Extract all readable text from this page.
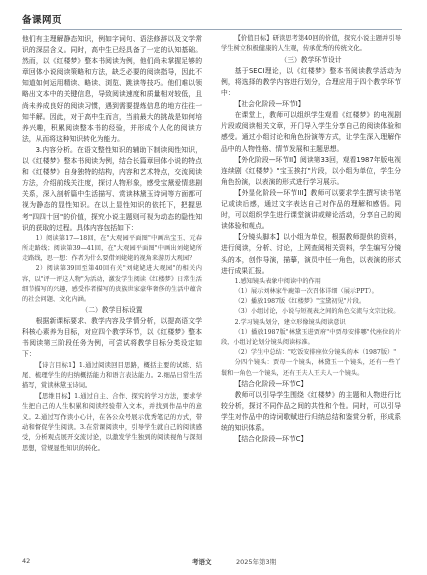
备课网页

他们有主理解静态知识，例如字词句、语法修辞以及文学常识的深层含义。同时，高中生已经具备了一定的认知基础。然而，以《红楼梦》整本书阅读为例，他们尚未掌握足够的章回体小说阅读策略和方法，缺乏必要的阅读指导，因此不知道如何运用精读、略读、浏览、跳读等技巧。他们难以领略出文本中的关键信息，导致阅读速度和质量相对较低，且尚未养成良好的阅读习惯，遇到需要提炼信息的地方往往一知半解。因此，对于高中生而言，当前最大的挑战是如何培养兴趣，积累阅读整本书的经验，并形成个人化的阅读方法，从而将这种知识转化为能力。

3.内容分析。在语文整性知识的辅助下制读阅性知识，以《红楼梦》整本书阅读为例，结合长篇章回体小说的特点和《红楼梦》自身独特的结构，内容和艺术特点，交流阅读方法，介绍前线关注度，探讨人物形象，感受宝黛爱情悲剧关系，深入剖析篇中生活描写、赏读林黛玉诗词等方面都可视为静态的显性知识。在以上显性知识的依托下，把握思考"四四十回"的价值，探究小说主题则可视为动态的隐性知识的获取的过程。具体内容包括如下：

1）阅读第17—18回，在"大观园平面图"中画出宝玉、元春所走路线；阅读第39—41回，在"大观园平面图"中画出刘姥姥所走路线，思一想：作者为什么要借刘姥姥的视角来游历大观园？

2）阅读第39回至第40回有关"刘姥姥进大观园"的相关内容，以"评一评这人物"为活动，激发学生阅读《红楼梦》日常生活细节描写的兴趣，感受作者描写的贵族世家豪华奢侈的生活中蕴含的社会问题、文化内涵。

（二）教学目标设置

根据新课标要求、教学内容及学情分析，以提高语文学科核心素养为目标，对应四个教学环节，以《红楼梦》整本书阅读第三阶段任务为例，可尝试将教学目标分类设定如下：

【诗言目标1】1.通过阅读回目思路，概括主要的试练、结尾、梳理学生的归纳概括能力和语言表达能力。2.细品日常生活描写，赏读林黛玉诗词。

【思维目标】1.通过自主、合作、探究的学习方法，要求学生把自己的人生积累和阅读经验带入文本，并找到作品中的意义。2.通过写作读小心计，在各公众号展示优秀笔记的方式，带动和督促学生阅读。3.在常课阅读中，引导学生就自己的阅读感受，分析观点展开交流讨论，以激发学生独到的阅读视角与深刻思想，常规显性知识的转化。

【价值目标】研读思考第40回的价值，探究小说主题并引导学生树立积极健康的人生观，传承优秀的传统文化。

（三）教学环节设计

基于SECI理论，以《红楼梦》整本书阅读教学活动为例，将选择的教学内容进行划分，合理应用于四个教学环节中：

【社会化阶段—环节I】

在课堂上，教师可以组织学生观看《红楼梦》的电视剧片段或阅读相关文章，开门导入学生分享自己的阅读体验和感受。通过小组讨论和角色扮演等方式，让学生深入理解作品中的人物性格、情节发展和主题思想。

【外化阶段—环节II】阅读第33回，观看1987年版电视连续剧《红楼梦》"宝玉挨打"片段，以小组为单位，学生分角色扮演，以表演的形式进行学习展示。

【外显化阶段—环节III】教师可以要求学生撰写读书笔记或读后感，通过文字表达自己对作品的理解和感悟。同时，可以组织学生进行课堂演讲或辩论活动，分享自己的阅读体验和观点。

【分镜头脚本】以小组为单位，根据教师提供的资料，进行阅读，分析、讨论，上网查阅相关资料，学生编写分镜头的本，创作导演，描摹，演员中任一角色，以表演的形式进行成果汇报。

1.感知镜头表象中阅读中的作用

（1）展示刘林家牛鹿第一次召体详细（展示PPT）。

（2）播放1987版《红楼梦》"宝黛初见"片段。

（3）小组讨论，小说与短视表之间的角色交流与文宗比较。

2.学习镜头划分，建立形像镜头阅读意识

（1）播放1987版"林黛玉进贾府"中贾母安排哪"代座位的片段，小组讨论划分镜头阅读标准。

（2）学生中总结："吃饭安排座位分镜头的本（1987版）"

分四个镜头：贾母一个镜头，林黛玉一个镜头，还有一些丫鬟和一角色一个镜头，还有王夫人王夫人一个镜头。

【结合化阶段—环节C】

教师可以引导学生围绕《红楼梦》的主题和人物进行比较分析，探讨不同作品之间的共性和个性。同时，可以引导学生对作品中的诗词歌赋进行归纳总结和鉴赏分析，形成系统的知识体系。

【结合化阶段—环节C】

42	考语文	2025年第3期
